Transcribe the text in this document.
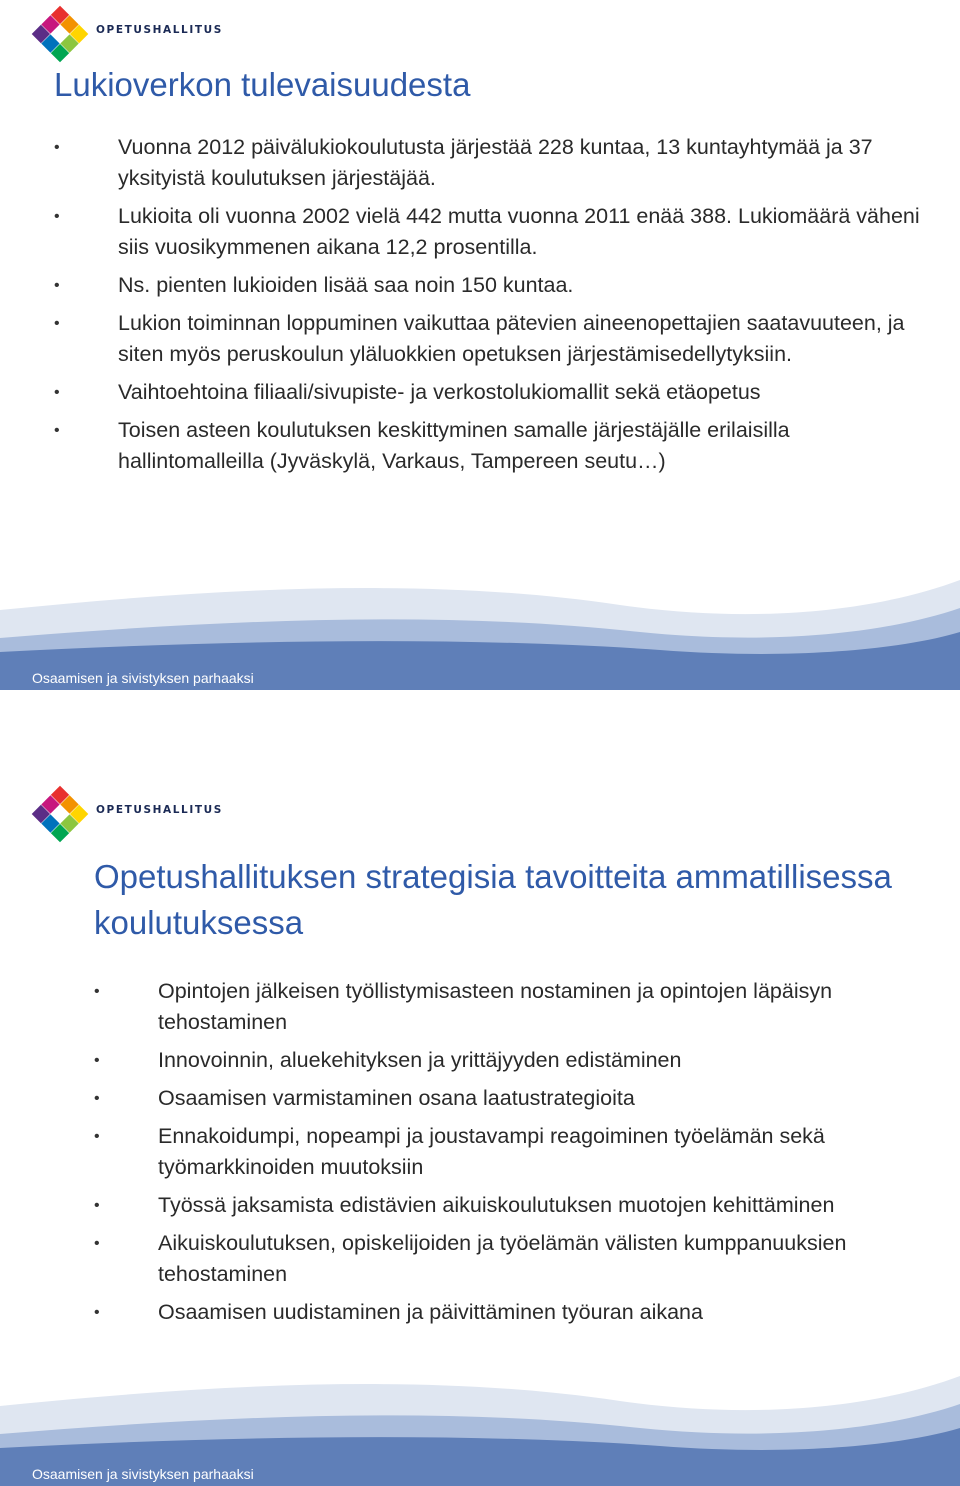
OPETUSHALLITUS
Lukioverkon tulevaisuudesta
• Vuonna 2012 päivälukiokoulutusta järjestää 228 kuntaa, 13 kuntayhtymää ja 37 yksityistä koulutuksen järjestäjää.
• Lukioita oli vuonna 2002 vielä 442 mutta vuonna 2011 enää 388. Lukiomäärä väheni siis vuosikymmenen aikana 12,2 prosentilla.
• Ns. pienten lukioiden lisää saa noin 150 kuntaa.
• Lukion toiminnan loppuminen vaikuttaa pätevien aineenopettajien saatavuuteen, ja siten myös peruskoulun yläluokkien opetuksen järjestämisedellytyksiin.
• Vaihtoehtoina filiaali/sivupiste- ja verkostolukiomallit sekä etäopetus
• Toisen asteen koulutuksen keskittyminen samalle järjestäjälle erilaisilla hallintomalleilla (Jyväskylä, Varkaus, Tampereen seutu…)
Osaamisen ja sivistyksen parhaaksi
OPETUSHALLITUS
Opetushallituksen strategisia tavoitteita ammatillisessa koulutuksessa
• Opintojen jälkeisen työllistymisasteen nostaminen ja opintojen läpäisyn tehostaminen
• Innovoinnin, aluekehityksen ja yrittäjyyden edistäminen
• Osaamisen varmistaminen osana laatustrategioita
• Ennakoidumpi, nopeampi ja joustavampi reagoiminen työelämän sekä työmarkkinoiden muutoksiin
• Työssä jaksamista edistävien aikuiskoulutuksen muotojen kehittäminen
• Aikuiskoulutuksen, opiskelijoiden ja työelämän välisten kumppanuuksien tehostaminen
• Osaamisen uudistaminen ja päivittäminen työuran aikana
Osaamisen ja sivistyksen parhaaksi
